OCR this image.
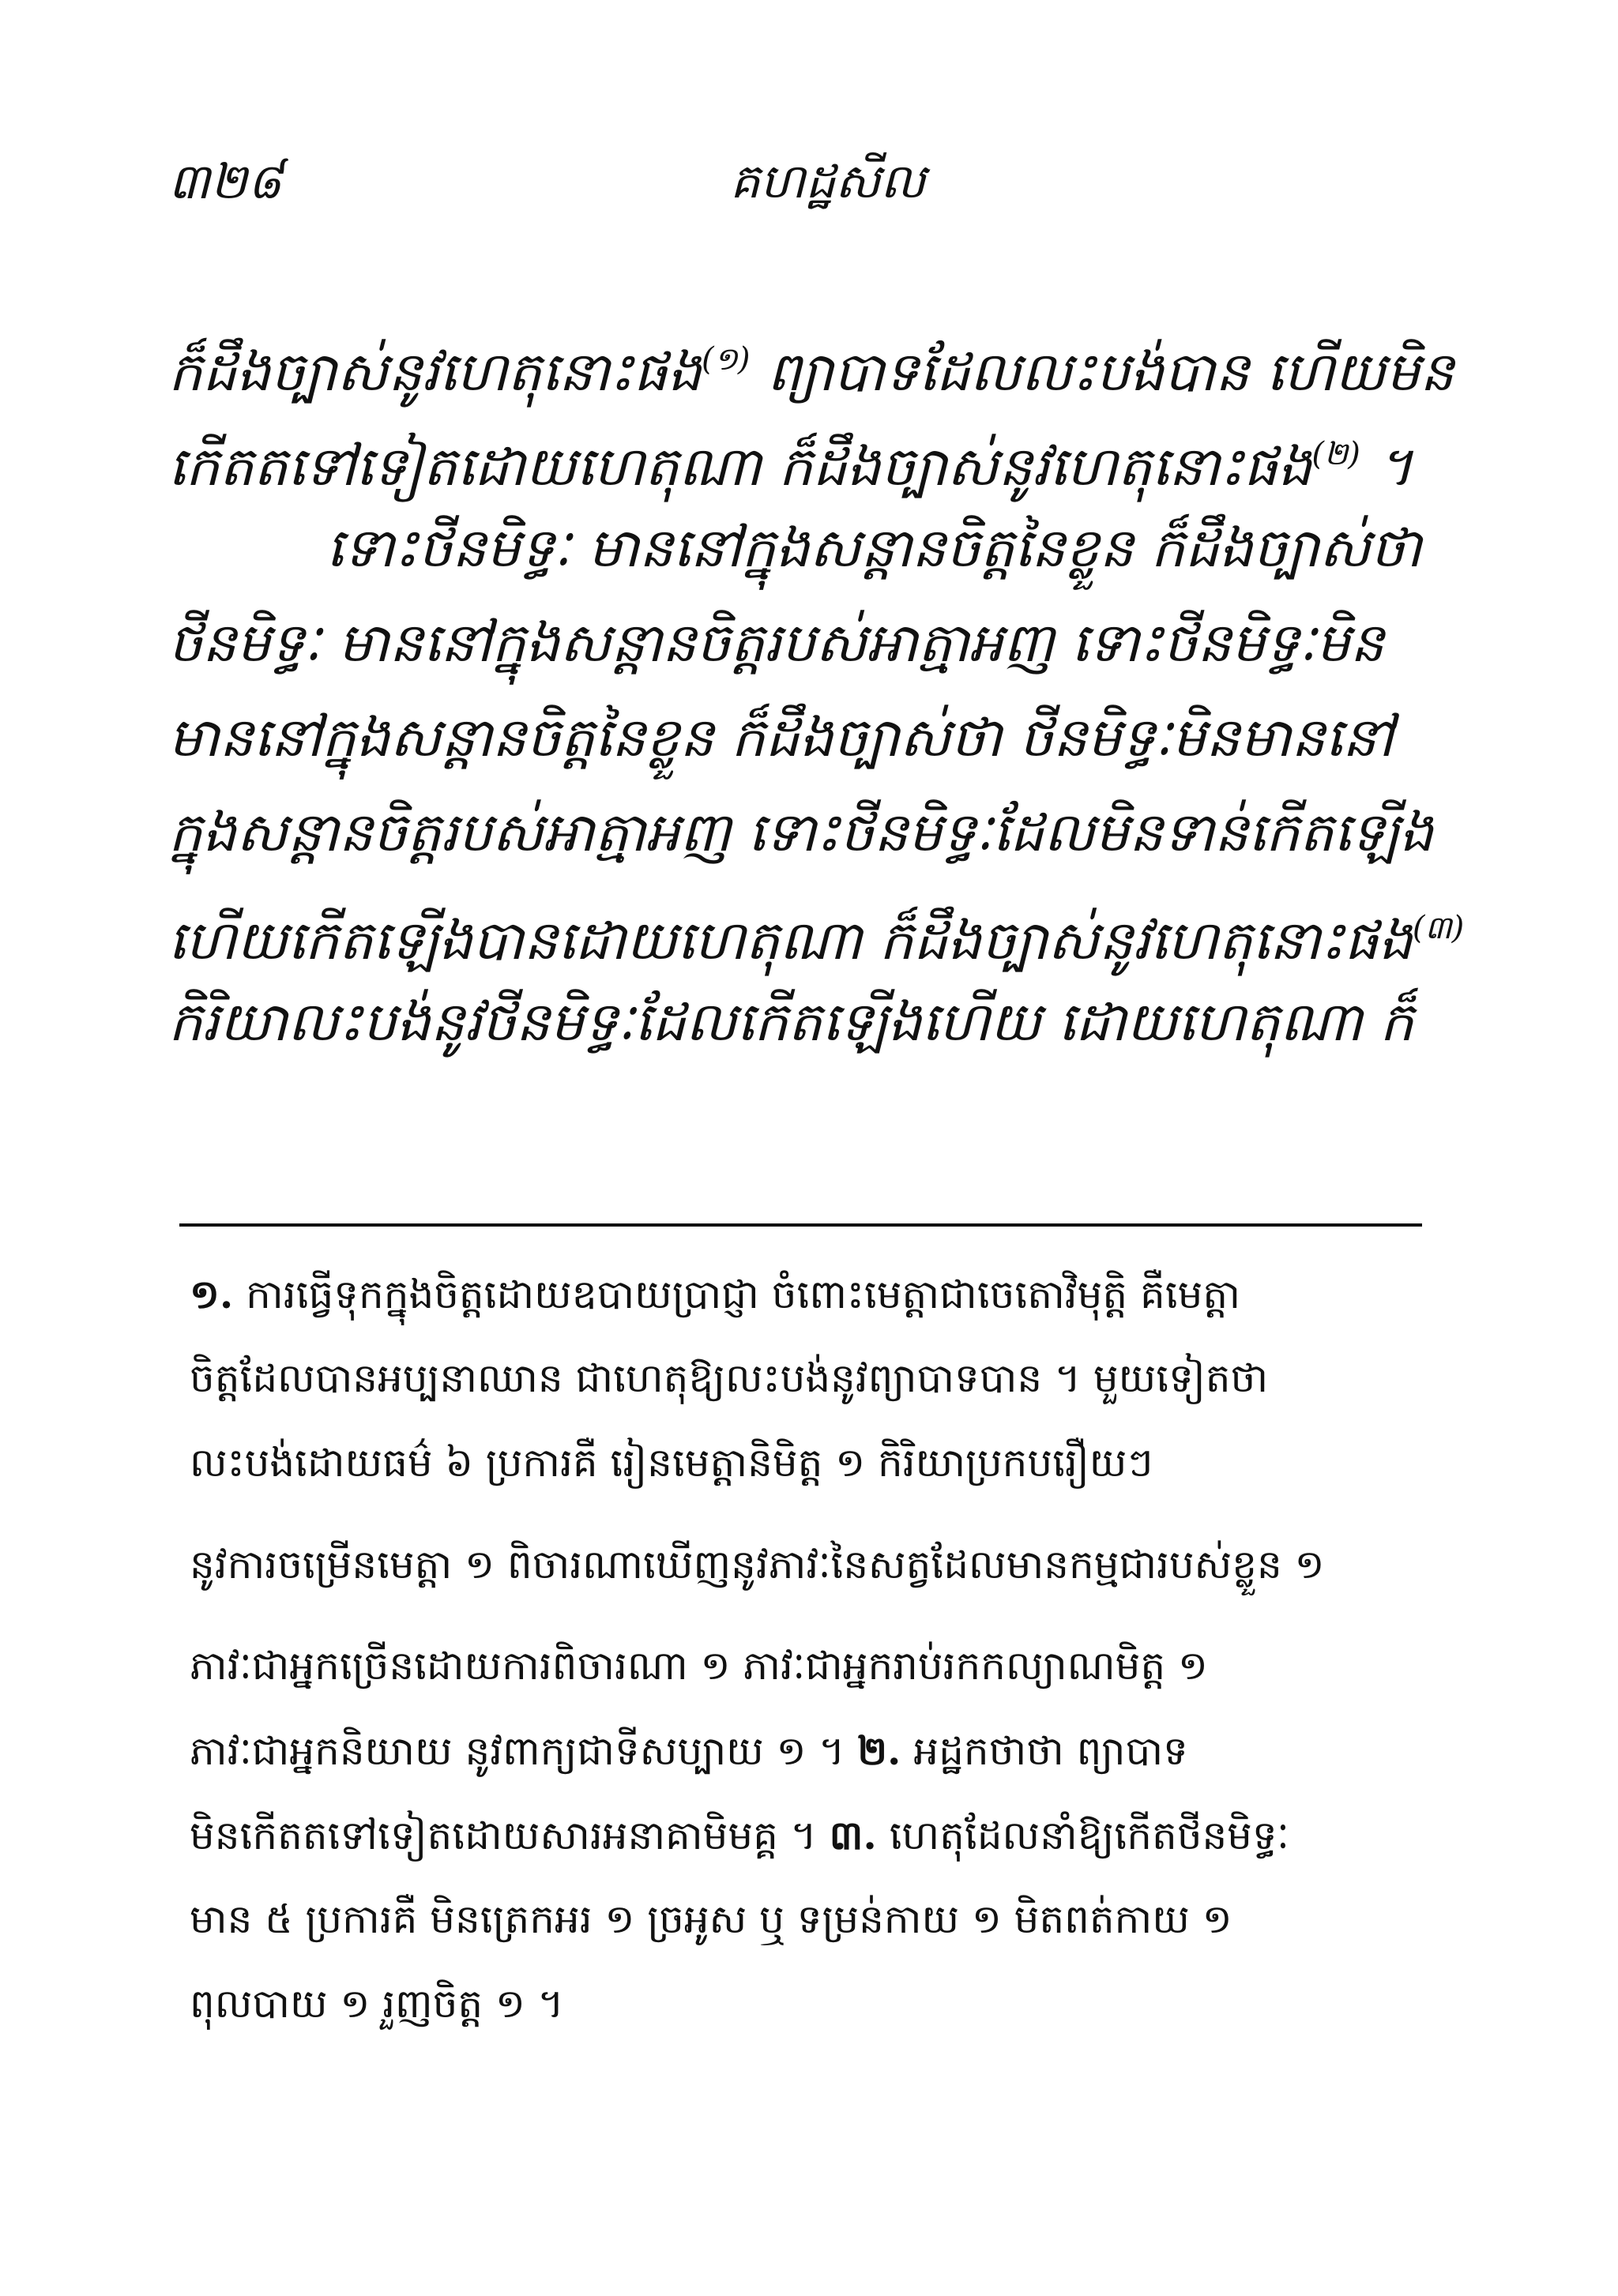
៣២៨	គហដ្ឋសីល
ក៏ដឹងច្បាស់នូវហេតុនោះផង$^{(១)}$ ព្យាបាទដែលលះបង់បាន ហើយមិន
កើតតទៅទៀតដោយហេតុណា ក៏ដឹងច្បាស់នូវហេតុនោះផង$^{(២)}$ ។
ទោះថីនមិទ្ធៈ មាននៅក្នុងសន្តានចិត្តនៃខ្លួន ក៏ដឹងច្បាស់ថា
ថីនមិទ្ធៈ មាននៅក្នុងសន្តានចិត្តរបស់អាត្មាអញ ទោះថីនមិទ្ធៈមិន
មាននៅក្នុងសន្តានចិត្តនៃខ្លួន ក៏ដឹងច្បាស់ថា ថីនមិទ្ធៈមិនមាននៅ
ក្នុងសន្តានចិត្តរបស់អាត្មាអញ ទោះថីនមិទ្ធៈដែលមិនទាន់កើតឡើង
ហើយកើតឡើងបានដោយហេតុណា ក៏ដឹងច្បាស់នូវហេតុនោះផង$^{(៣)}$
កិរិយាលះបង់នូវថីនមិទ្ធៈដែលកើតឡើងហើយ ដោយហេតុណា ក៏
១. ការធ្វើទុកក្នុងចិត្តដោយឧបាយប្រាជ្ញា ចំពោះមេត្តាជាចេតោវិមុត្តិ គឺមេត្តា
ចិត្តដែលបានអប្បនាឈាន ជាហេតុឱ្យលះបង់នូវព្យាបាទបាន ។ មួយទៀតថា
លះបង់ដោយធម៌ ៦ ប្រការគឺ រៀនមេត្តានិមិត្ត ១ កិរិយាប្រកបរឿយៗ
នូវការចម្រើនមេត្តា ១ ពិចារណាឃើញនូវភាវៈនៃសត្វដែលមានកម្មជារបស់ខ្លួន ១
ភាវៈជាអ្នកច្រើនដោយការពិចារណា ១ ភាវៈជាអ្នករាប់រកកល្យាណមិត្ត ១
ភាវៈជាអ្នកនិយាយ នូវពាក្យជាទីសប្បាយ ១ ។ ២. អដ្ឋកថាថា ព្យាបាទ
មិនកើតតទៅទៀតដោយសារអនាគាមិមគ្គ ។ ៣. ហេតុដែលនាំឱ្យកើតថីនមិទ្ធៈ
មាន ៥ ប្រការគឺ មិនត្រេកអរ ១ ច្រអូស ឬ ទម្រន់កាយ ១ មិតពត់កាយ ១
ពុលបាយ ១ រួញចិត្ត ១ ។
